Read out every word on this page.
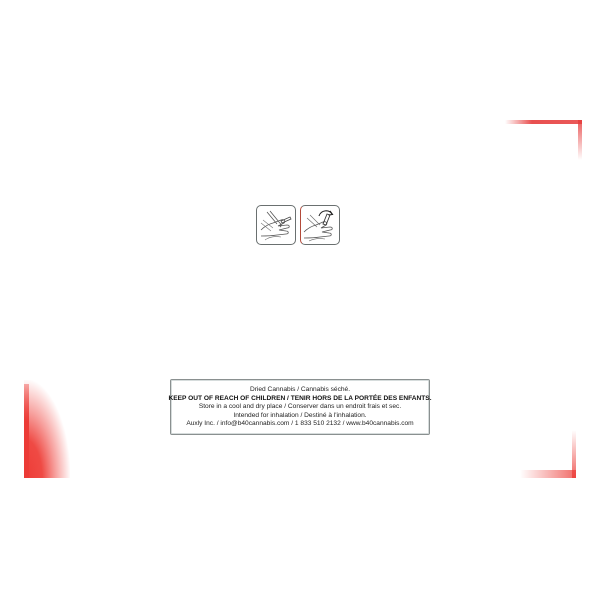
Dried Cannabis / Cannabis séché.
KEEP OUT OF REACH OF CHILDREN / TENIR HORS DE LA PORTÉE DES ENFANTS.
Store in a cool and dry place / Conserver dans un endroit frais et sec.
Intended for inhalation / Destiné à l'inhalation.
Auxly Inc. / info@b40cannabis.com / 1 833 510 2132 / www.b40cannabis.com
